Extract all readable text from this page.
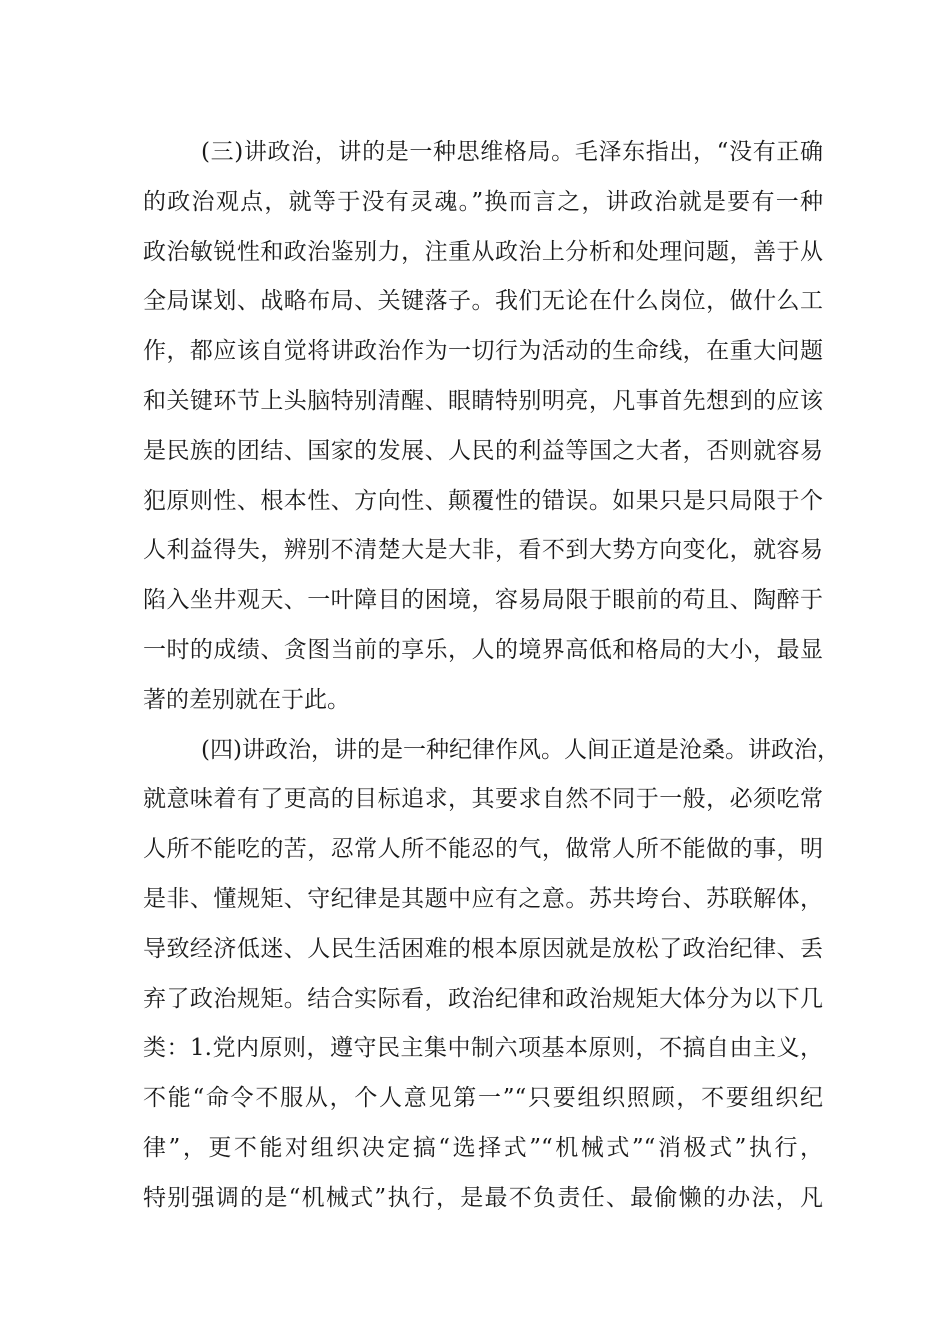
(三)讲政治，讲的是一种思维格局。毛泽东指出，“没有正确
的政治观点，就等于没有灵魂。”换而言之，讲政治就是要有一种
政治敏锐性和政治鉴别力，注重从政治上分析和处理问题，善于从
全局谋划、战略布局、关键落子。我们无论在什么岗位，做什么工
作，都应该自觉将讲政治作为一切行为活动的生命线，在重大问题
和关键环节上头脑特别清醒、眼睛特别明亮，凡事首先想到的应该
是民族的团结、国家的发展、人民的利益等国之大者，否则就容易
犯原则性、根本性、方向性、颠覆性的错误。如果只是只局限于个
人利益得失，辨别不清楚大是大非，看不到大势方向变化，就容易
陷入坐井观天、一叶障目的困境，容易局限于眼前的苟且、陶醉于
一时的成绩、贪图当前的享乐，人的境界高低和格局的大小，最显
著的差别就在于此。
(四)讲政治，讲的是一种纪律作风。人间正道是沧桑。讲政治，
就意味着有了更高的目标追求，其要求自然不同于一般，必须吃常
人所不能吃的苦，忍常人所不能忍的气，做常人所不能做的事，明
是非、懂规矩、守纪律是其题中应有之意。苏共垮台、苏联解体，
导致经济低迷、人民生活困难的根本原因就是放松了政治纪律、丢
弃了政治规矩。结合实际看，政治纪律和政治规矩大体分为以下几
类：1.党内原则，遵守民主集中制六项基本原则，不搞自由主义，
不能“命令不服从，个人意见第一”“只要组织照顾，不要组织纪
律”，更不能对组织决定搞“选择式”“机械式”“消极式”执行，
特别强调的是“机械式”执行，是最不负责任、最偷懒的办法，凡
